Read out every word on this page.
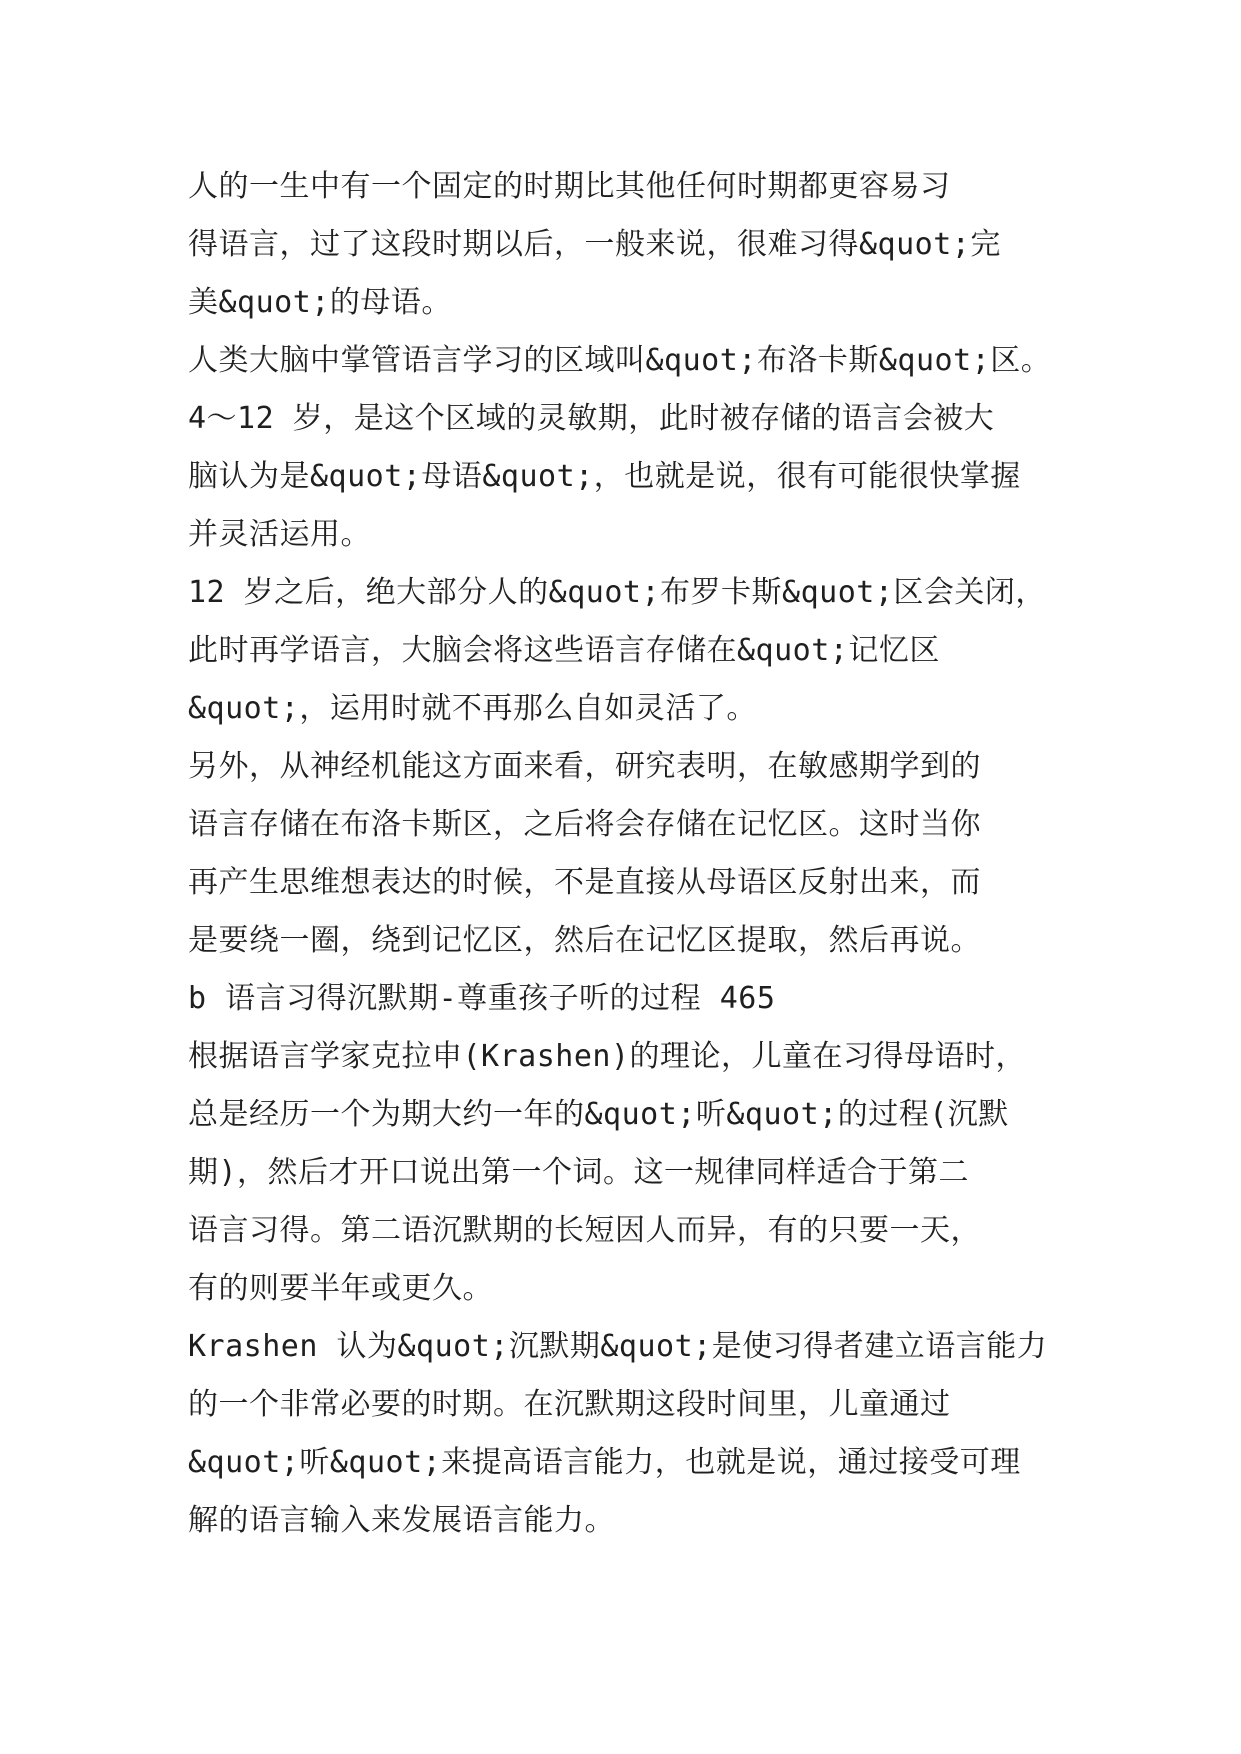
人的一生中有一个固定的时期比其他任何时期都更容易习
得语言，过了这段时期以后，一般来说，很难习得&quot;完
美&quot;的母语。
人类大脑中掌管语言学习的区域叫&quot;布洛卡斯&quot;区。
4～12 岁，是这个区域的灵敏期，此时被存储的语言会被大
脑认为是&quot;母语&quot;，也就是说，很有可能很快掌握
并灵活运用。
12 岁之后，绝大部分人的&quot;布罗卡斯&quot;区会关闭，
此时再学语言，大脑会将这些语言存储在&quot;记忆区
&quot;，运用时就不再那么自如灵活了。
另外，从神经机能这方面来看，研究表明，在敏感期学到的
语言存储在布洛卡斯区，之后将会存储在记忆区。这时当你
再产生思维想表达的时候，不是直接从母语区反射出来，而
是要绕一圈，绕到记忆区，然后在记忆区提取，然后再说。
b 语言习得沉默期-尊重孩子听的过程 465
根据语言学家克拉申(Krashen)的理论，儿童在习得母语时，
总是经历一个为期大约一年的&quot;听&quot;的过程(沉默
期)，然后才开口说出第一个词。这一规律同样适合于第二
语言习得。第二语沉默期的长短因人而异，有的只要一天，
有的则要半年或更久。
Krashen 认为&quot;沉默期&quot;是使习得者建立语言能力
的一个非常必要的时期。在沉默期这段时间里，儿童通过
&quot;听&quot;来提高语言能力，也就是说，通过接受可理
解的语言输入来发展语言能力。
